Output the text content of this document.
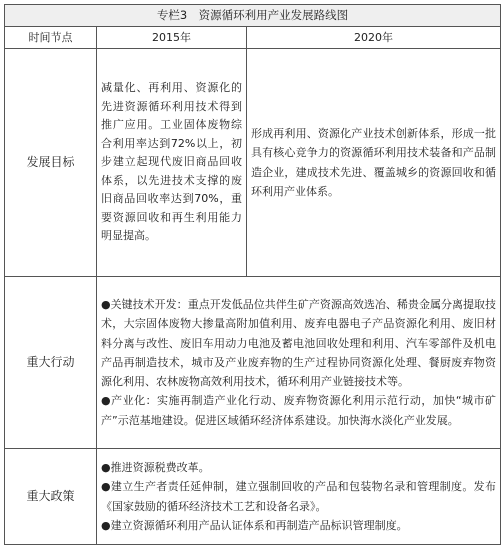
专栏3　资源循环利用产业发展路线图		
时间节点	2015年	2020年
发展目标	减量化、再利用、资源化的先进资源循环利用技术得到推广应用。工业固体废物综合利用率达到72%以上，初步建立起现代废旧商品回收体系，以先进技术支撑的废旧商品回收率达到70%，重要资源回收和再生利用能力明显提高。	形成再利用、资源化产业技术创新体系，形成一批具有核心竞争力的资源循环利用技术装备和产品制造企业，建成技术先进、覆盖城乡的资源回收和循环利用产业体系。
重大行动	●关键技术开发：重点开发低品位共伴生矿产资源高效选冶、稀贵金属分离提取技术，大宗固体废物大掺量高附加值利用、废弃电器电子产品资源化利用、废旧材料分离与改性、废旧车用动力电池及蓄电池回收处理和利用、汽车零部件及机电产品再制造技术，城市及产业废弃物的生产过程协同资源化处理、餐厨废弃物资源化利用、农林废物高效利用技术，循环利用产业链接技术等。
●产业化：实施再制造产业化行动、废弃物资源化利用示范行动，加快“城市矿产”示范基地建设。促进区域循环经济体系建设。加快海水淡化产业发展。	

重大政策	●推进资源税费改革。
●建立生产者责任延伸制，建立强制回收的产品和包装物名录和管理制度。发布《国家鼓励的循环经济技术工艺和设备名录》。
●建立资源循环利用产品认证体系和再制造产品标识管理制度。	
